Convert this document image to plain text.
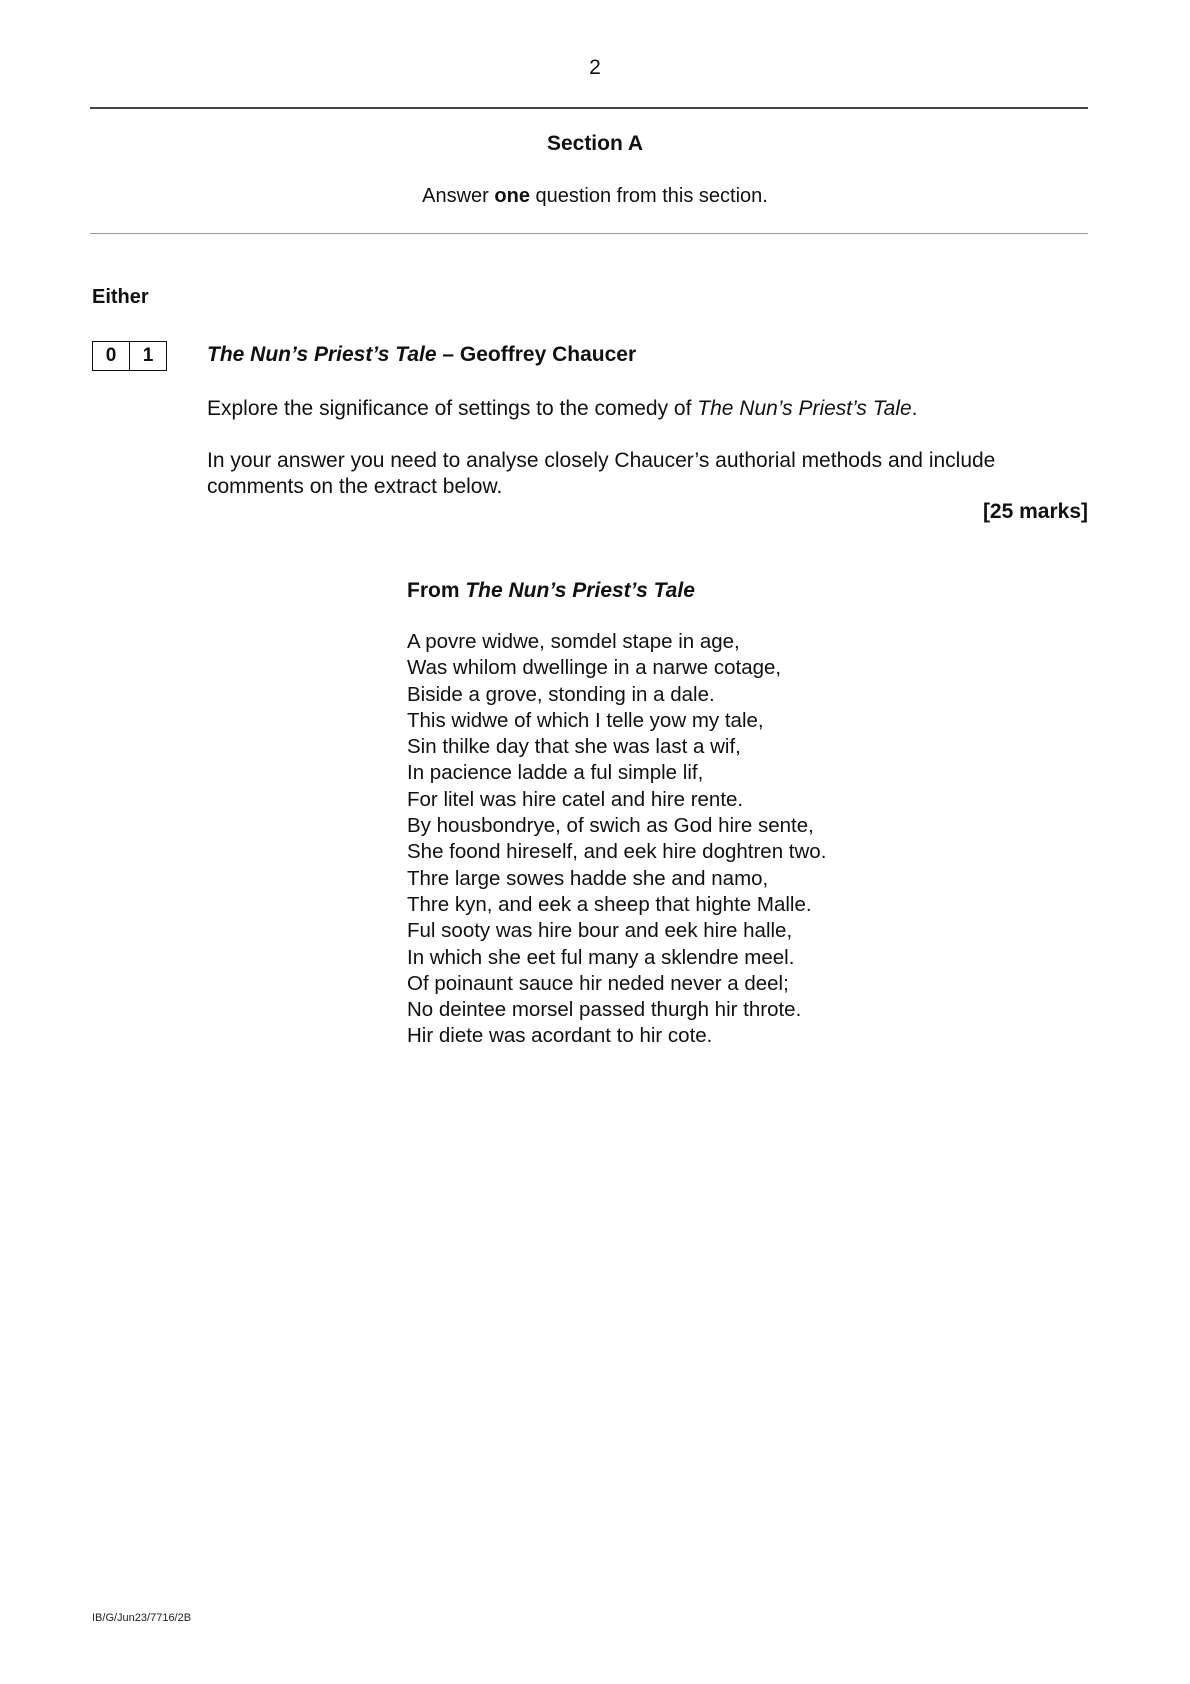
2
Section A
Answer one question from this section.
Either
0	1	The Nun’s Priest’s Tale – Geoffrey Chaucer
Explore the significance of settings to the comedy of The Nun’s Priest’s Tale.
In your answer you need to analyse closely Chaucer’s authorial methods and include comments on the extract below.
[25 marks]
From The Nun’s Priest’s Tale
A povre widwe, somdel stape in age,
Was whilom dwellinge in a narwe cotage,
Biside a grove, stonding in a dale.
This widwe of which I telle yow my tale,
Sin thilke day that she was last a wif,
In pacience ladde a ful simple lif,
For litel was hire catel and hire rente.
By housbondrye, of swich as God hire sente,
She foond hireself, and eek hire doghtren two.
Thre large sowes hadde she and namo,
Thre kyn, and eek a sheep that highte Malle.
Ful sooty was hire bour and eek hire halle,
In which she eet ful many a sklendre meel.
Of poinaunt sauce hir neded never a deel;
No deintee morsel passed thurgh hir throte.
Hir diete was acordant to hir cote.
IB/G/Jun23/7716/2B
